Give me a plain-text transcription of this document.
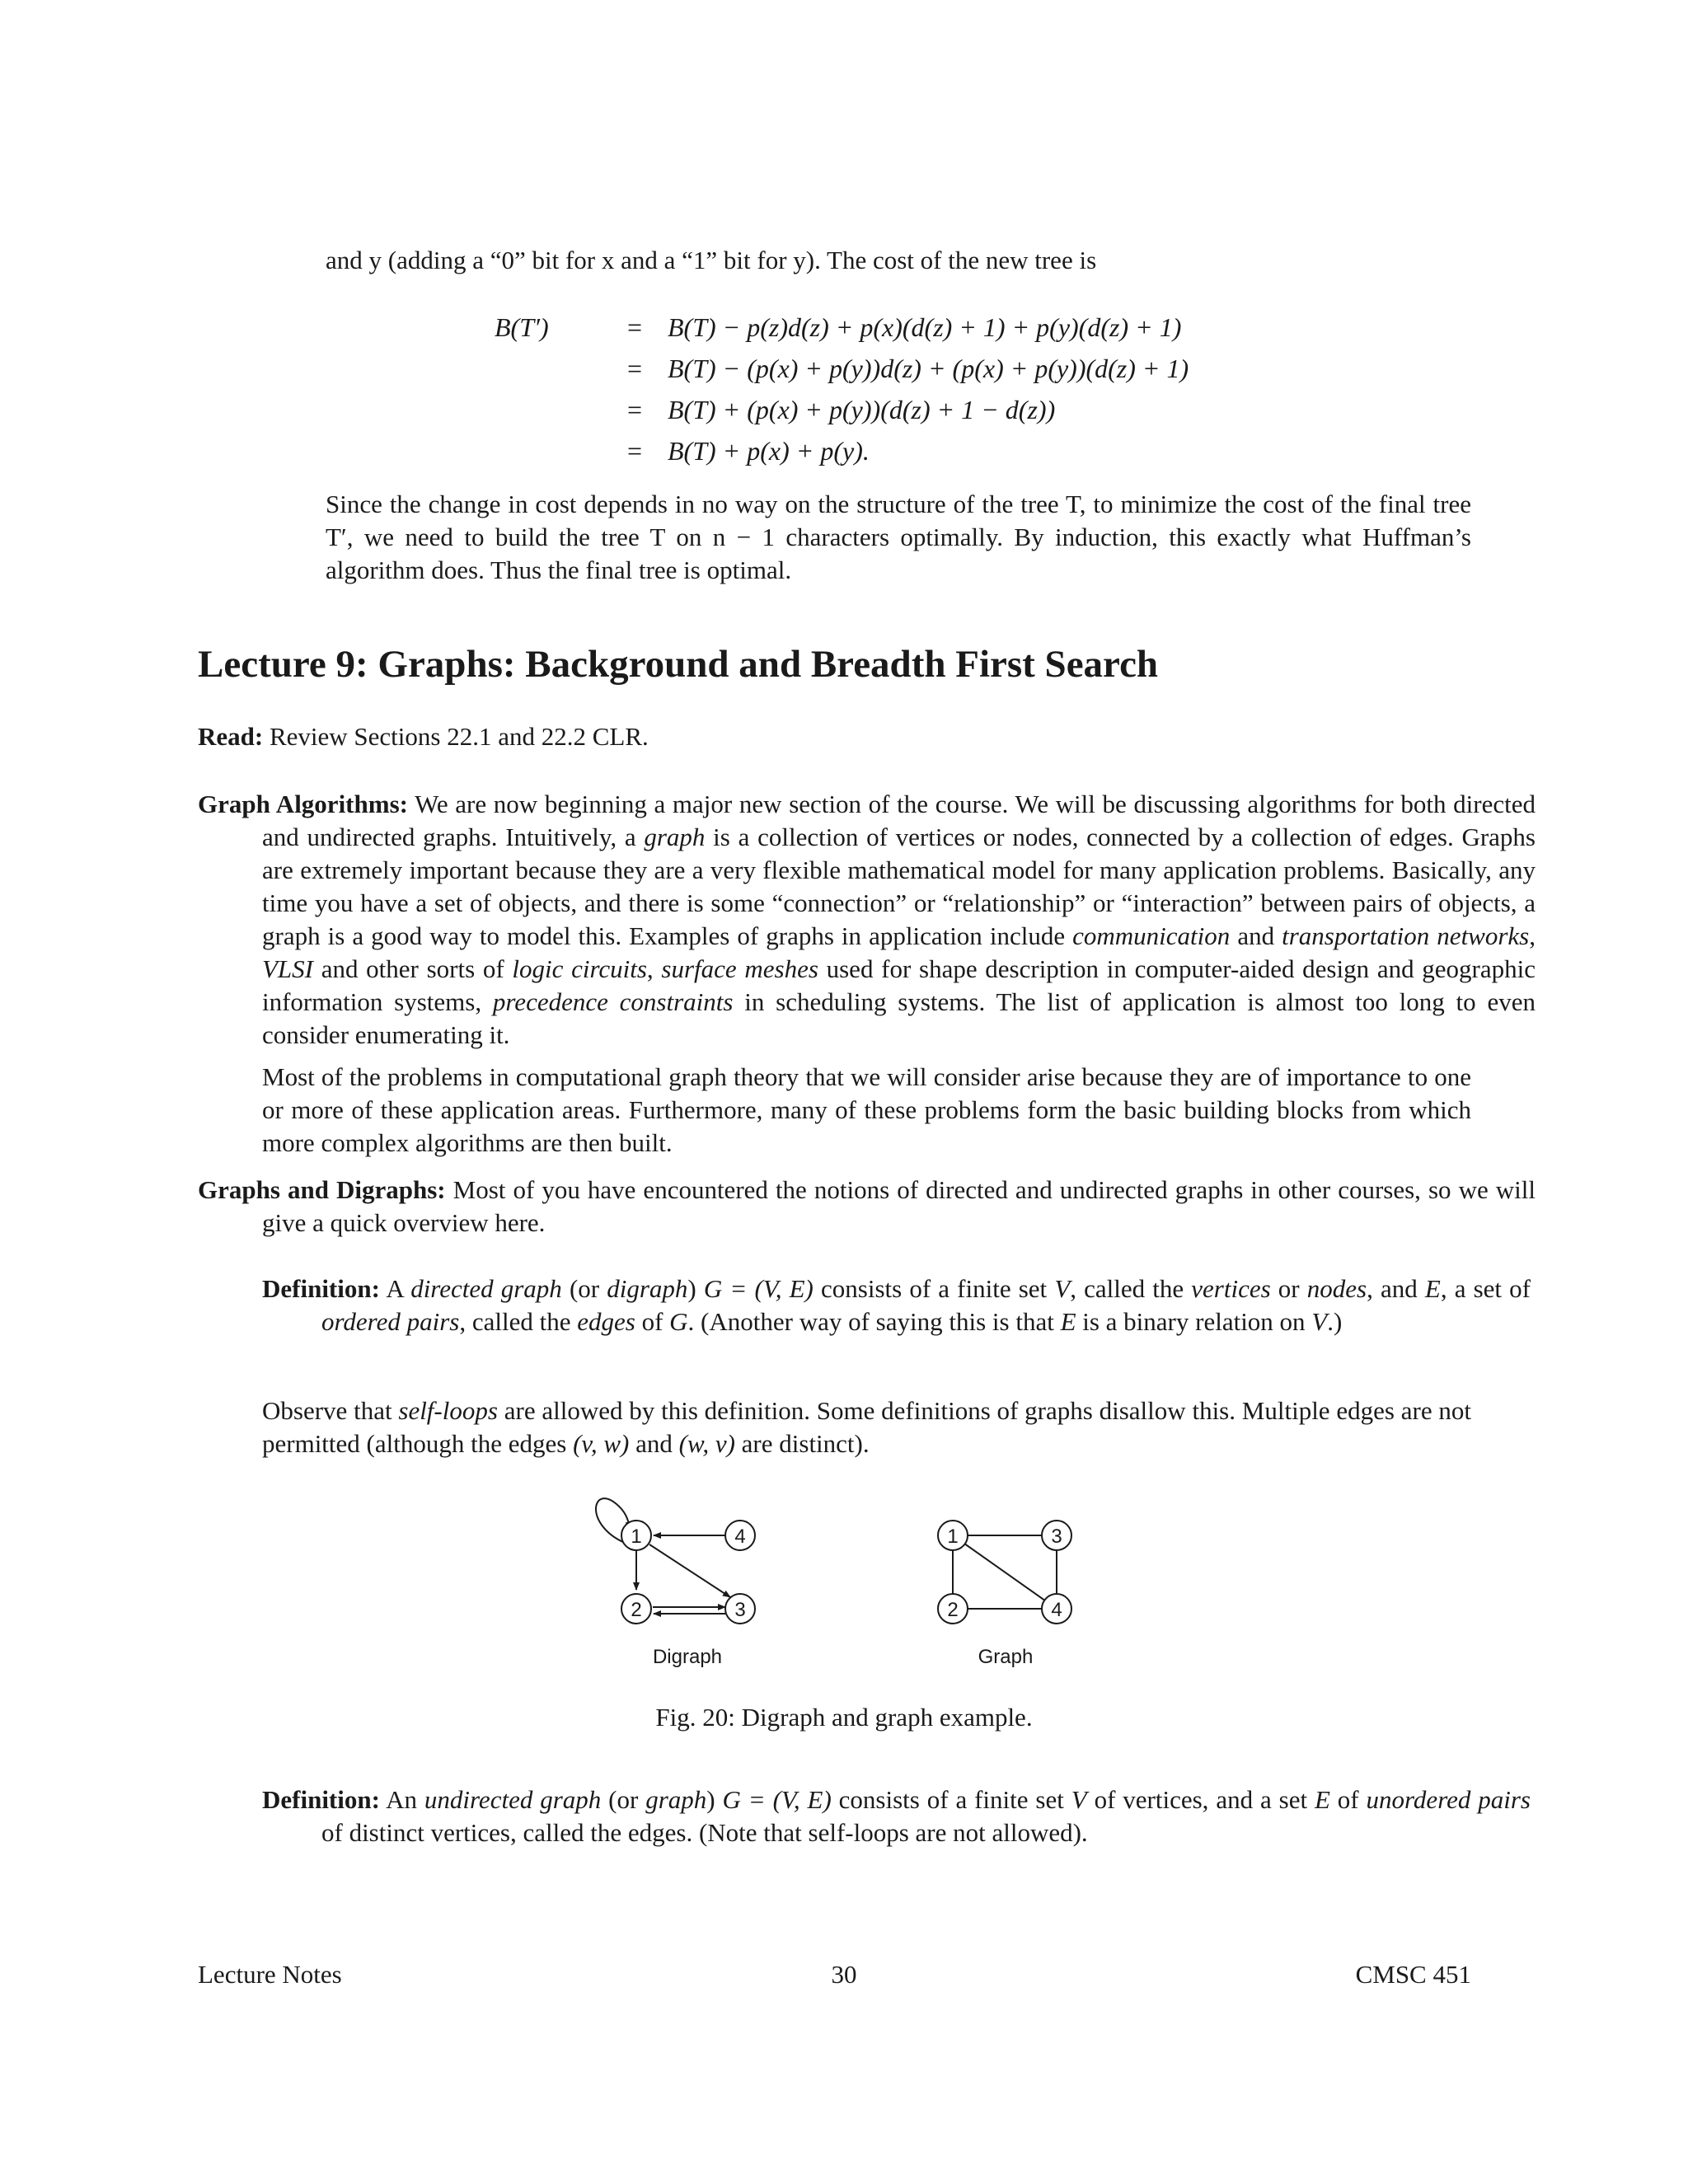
and y (adding a “0” bit for x and a “1” bit for y). The cost of the new tree is
B(T′)	= B(T) − p(z)d(z) + p(x)(d(z) + 1) + p(y)(d(z) + 1)
= B(T) − (p(x) + p(y))d(z) + (p(x) + p(y))(d(z) + 1)
= B(T) + (p(x) + p(y))(d(z) + 1 − d(z))
= B(T) + p(x) + p(y).
Since the change in cost depends in no way on the structure of the tree T, to minimize the cost of the final tree T′, we need to build the tree T on n − 1 characters optimally. By induction, this exactly what Huffman’s algorithm does. Thus the final tree is optimal.
Lecture 9: Graphs: Background and Breadth First Search
Read: Review Sections 22.1 and 22.2 CLR.
Graph Algorithms: We are now beginning a major new section of the course. We will be discussing algorithms for both directed and undirected graphs. Intuitively, a graph is a collection of vertices or nodes, connected by a collection of edges. Graphs are extremely important because they are a very flexible mathematical model for many application problems. Basically, any time you have a set of objects, and there is some “connection” or “relationship” or “interaction” between pairs of objects, a graph is a good way to model this. Examples of graphs in application include communication and transportation networks, VLSI and other sorts of logic circuits, surface meshes used for shape description in computer-aided design and geographic information systems, precedence constraints in scheduling systems. The list of application is almost too long to even consider enumerating it.
Most of the problems in computational graph theory that we will consider arise because they are of importance to one or more of these application areas. Furthermore, many of these problems form the basic building blocks from which more complex algorithms are then built.
Graphs and Digraphs: Most of you have encountered the notions of directed and undirected graphs in other courses, so we will give a quick overview here.
Definition: A directed graph (or digraph) G = (V, E) consists of a finite set V, called the vertices or nodes, and E, a set of ordered pairs, called the edges of G. (Another way of saying this is that E is a binary relation on V.)
Observe that self-loops are allowed by this definition. Some definitions of graphs disallow this. Multiple edges are not permitted (although the edges (v, w) and (w, v) are distinct).
1
2	3
4
Digraph
1
2
3
4
Graph
Fig. 20: Digraph and graph example.
Definition: An undirected graph (or graph) G = (V, E) consists of a finite set V of vertices, and a set E of unordered pairs of distinct vertices, called the edges. (Note that self-loops are not allowed).
Lecture Notes	30	CMSC 451
